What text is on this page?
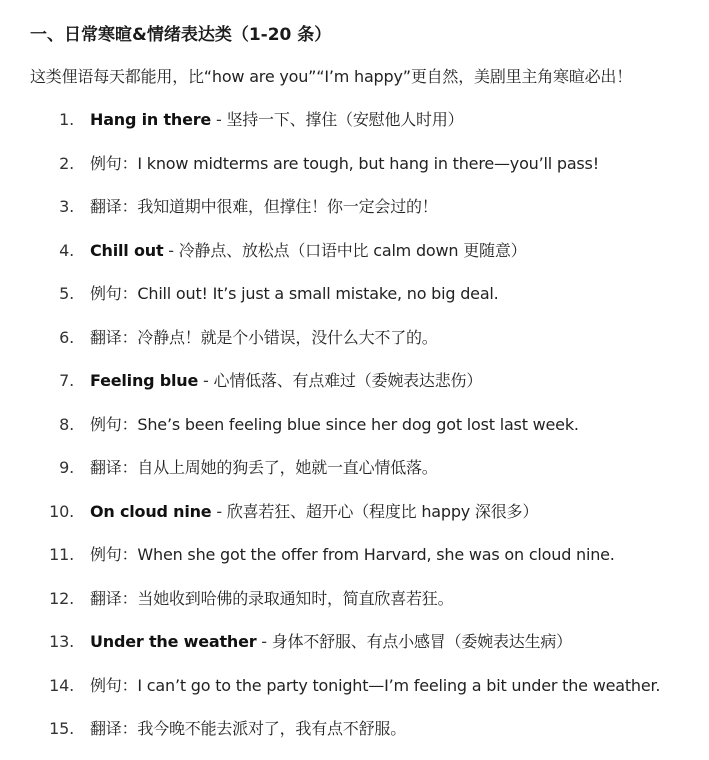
一、日常寒暄&情绪表达类（1-20 条）
这类俚语每天都能用，比“how are you”“I’m happy”更自然，美剧里主角寒暄必出！
1. Hang in there - 坚持一下、撑住（安慰他人时用）
2. 例句：I know midterms are tough, but hang in there—you’ll pass!
3. 翻译：我知道期中很难，但撑住！你一定会过的！
4. Chill out - 冷静点、放松点（口语中比 calm down 更随意）
5. 例句：Chill out! It’s just a small mistake, no big deal.
6. 翻译：冷静点！就是个小错误，没什么大不了的。
7. Feeling blue - 心情低落、有点难过（委婉表达悲伤）
8. 例句：She’s been feeling blue since her dog got lost last week.
9. 翻译：自从上周她的狗丢了，她就一直心情低落。
10. On cloud nine - 欣喜若狂、超开心（程度比 happy 深很多）
11. 例句：When she got the offer from Harvard, she was on cloud nine.
12. 翻译：当她收到哈佛的录取通知时，简直欣喜若狂。
13. Under the weather - 身体不舒服、有点小感冒（委婉表达生病）
14. 例句：I can’t go to the party tonight—I’m feeling a bit under the weather.
15. 翻译：我今晚不能去派对了，我有点不舒服。
